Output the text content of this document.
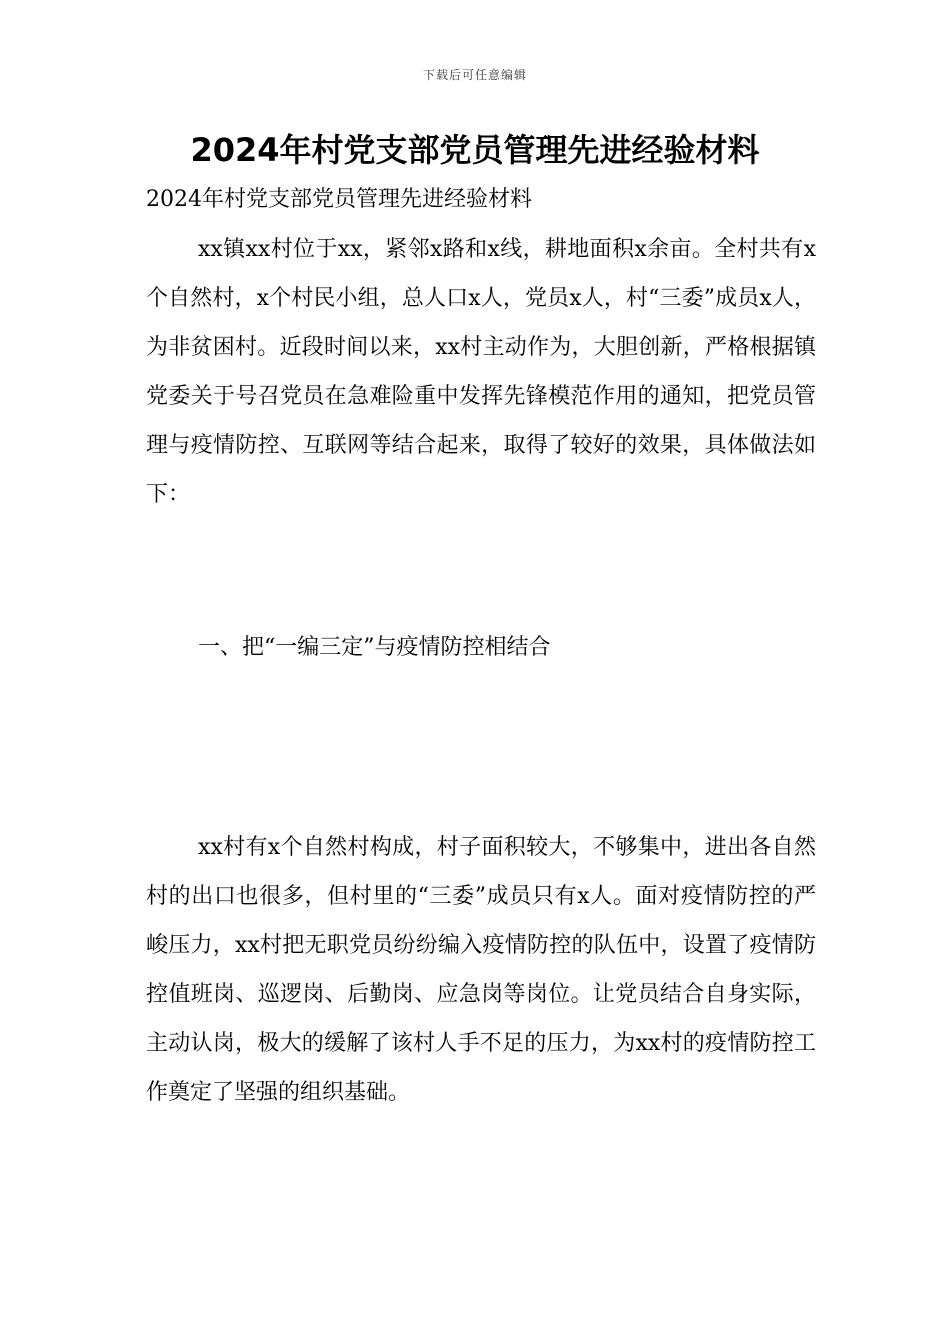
下载后可任意编辑
2024年村党支部党员管理先进经验材料

2024年村党支部党员管理先进经验材料

xx镇xx村位于xx，紧邻x路和x线，耕地面积x余亩。全村共有x个自然村，x个村民小组，总人口x人，党员x人，村“三委”成员x人，为非贫困村。近段时间以来，xx村主动作为，大胆创新，严格根据镇党委关于号召党员在急难险重中发挥先锋模范作用的通知，把党员管理与疫情防控、互联网等结合起来，取得了较好的效果，具体做法如下：

一、把“一编三定”与疫情防控相结合

xx村有x个自然村构成，村子面积较大，不够集中，进出各自然村的出口也很多，但村里的“三委”成员只有x人。面对疫情防控的严峻压力，xx村把无职党员纷纷编入疫情防控的队伍中，设置了疫情防控值班岗、巡逻岗、后勤岗、应急岗等岗位。让党员结合自身实际，主动认岗，极大的缓解了该村人手不足的压力，为xx村的疫情防控工作奠定了坚强的组织基础。
